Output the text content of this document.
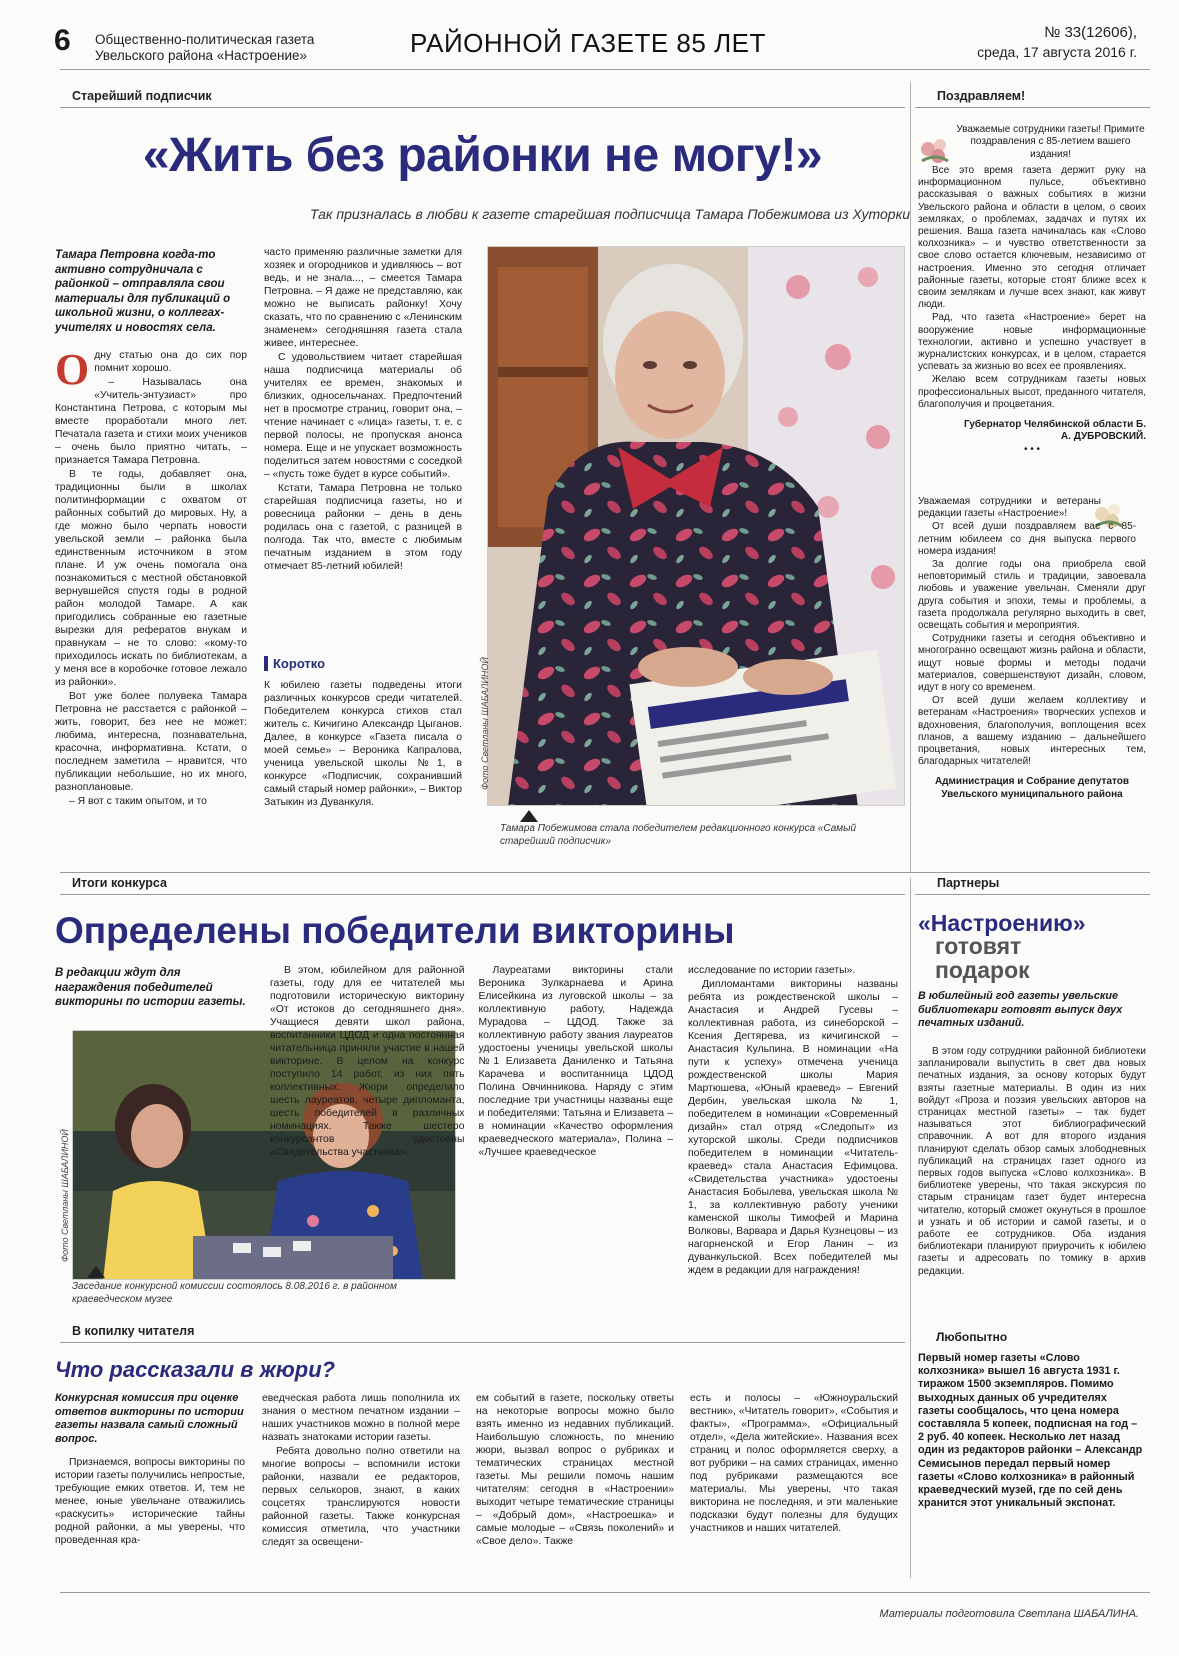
6 Общественно-политическая газета
Увельского района «Настроение»	РАЙОННОЙ ГАЗЕТЕ 85 ЛЕТ	№ 33(12606),
среда, 17 августа 2016 г.
Старейший подписчик
«Жить без районки не могу!»
Так призналась в любви к газете старейшая подписчица Тамара Побежимова из Хуторки

Тамара Петровна когда-то активно сотрудничала с районкой – отправляла свои материалы для публикаций о школьной жизни, о коллегах-учителях и новостях села.

О дну статью она до сих пор помнит хорошо.

– Называлась она «Учитель-энтузиаст» про Константина Петрова, с которым мы вместе проработали много лет. Печатала газета и стихи моих учеников – очень было приятно читать, – признается Тамара Петровна.

В те годы, добавляет она, традиционны были в школах политинформации с охватом от районных событий до мировых. Ну, а где можно было черпать новости увельской земли – районка была единственным источником в этом плане. И уж очень помогала она познакомиться с местной обстановкой вернувшейся спустя годы в родной район молодой Тамаре. А как пригодились собранные ею газетные вырезки для рефератов внукам и правнукам – не то слово: «кому-то приходилось искать по библиотекам, а у меня все в коробочке готовое лежало из районки».

Вот уже более полувека Тамара Петровна не расстается с районкой – жить, говорит, без нее не может: любима, интересна, познавательна, красочна, информативна. Кстати, о последнем заметила – нравится, что публикации небольшие, но их много, разноплановые.

– Я вот с таким опытом, и то

часто применяю различные заметки для хозяек и огородников и удивляюсь – вот ведь, и не знала..., – смеется Тамара Петровна. – Я даже не представляю, как можно не выписать районку! Хочу сказать, что по сравнению с «Ленинским знаменем» сегодняшняя газета стала живее, интереснее.

С удовольствием читает старейшая наша подписчица материалы об учителях ее времен, знакомых и близких, односельчанах. Предпочтений нет в просмотре страниц, говорит она, – чтение начинает с «лица» газеты, т. е. с первой полосы, не пропуская анонса номера. Еще и не упускает возможность поделиться затем новостями с соседкой – «пусть тоже будет в курсе событий».

Кстати, Тамара Петровна не только старейшая подписчица газеты, но и ровесница районки – день в день родилась она с газетой, с разницей в полгода. Так что, вместе с любимым печатным изданием в этом году отмечает 85-летний юбилей!

Коротко

К юбилею газеты подведены итоги различных конкурсов среди читателей. Победителем конкурса стихов стал житель с. Кичигино Александр Цыганов. Далее, в конкурсе «Газета писала о моей семье» – Вероника Капралова, ученица увельской школы №1, в конкурсе «Подписчик, сохранивший самый старый номер районки», – Виктор Затыкин из Дуванкуля.

Фото Светланы ШАБАЛИНОЙ
Тамара Побежимова стала победителем редакционного конкурса «Самый старейший подписчик»
Поздравляем!

Уважаемые сотрудники газеты! Примите поздравления с 85-летием вашего издания!

Все это время газета держит руку на информационном пульсе, объективно рассказывая о важных событиях в жизни Увельского района и области в целом, о своих земляках, о проблемах, задачах и путях их решения. Ваша газета начиналась как «Слово колхозника» – и чувство ответственности за свое слово остается ключевым, независимо от настроения. Именно это сегодня отличает районные газеты, которые стоят ближе всех к своим землякам и лучше всех знают, как живут люди.

Рад, что газета «Настроение» берет на вооружение новые информационные технологии, активно и успешно участвует в журналистских конкурсах, и в целом, старается успевать за жизнью во всех ее проявлениях.

Желаю всем сотрудникам газеты новых профессиональных высот, преданного читателя, благополучия и процветания.

Губернатор Челябинской области Б. А. ДУБРОВСКИЙ.

• • •

Уважаемая сотрудники и ветераны редакции газеты «Настроение»!

От всей души поздравляем вас с 85-летним юбилеем со дня выпуска первого номера издания!

За долгие годы она приобрела свой неповторимый стиль и традиции, завоевала любовь и уважение увельчан. Сменяли друг друга события и эпохи, темы и проблемы, а газета продолжала регулярно выходить в свет, освещать события и мероприятия.

Сотрудники газеты и сегодня объективно и многогранно освещают жизнь района и области, ищут новые формы и методы подачи материалов, совершенствуют дизайн, словом, идут в ногу со временем.

От всей души желаем коллективу и ветеранам «Настроения» творческих успехов и вдохновения, благополучия, воплощения всех планов, а вашему изданию – дальнейшего процветания, новых интересных тем, благодарных читателей!

Администрация и Собрание депутатов Увельского муниципального района

Итоги конкурса
Определены победители викторины

В редакции ждут для награждения победителей викторины по истории газеты.

Фото Светланы ШАБАЛИНОЙ
Заседание конкурсной комиссии состоялось 8.08.2016 г. в районном краеведческом музее

В этом, юбилейном для районной газеты, году для ее читателей мы подготовили историческую викторину «От истоков до сегодняшнего дня». Учащиеся девяти школ района, воспитанники ЦДОД и одна постоянная читательница приняли участие в нашей викторине. В целом на конкурс поступило 14 работ, из них пять коллективных. Жюри определило шесть лауреатов, четыре дипломанта, шесть победителей в различных номинациях. Также шестеро конкурсантов удостоены «Свидетельства участника».

Лауреатами викторины стали Вероника Зулкарнаева и Арина Елисейкина из луговской школы – за коллективную работу, Надежда Мурадова – ЦДОД. Также за коллективную работу звания лауреатов удостоены ученицы увельской школы №1 Елизавета Даниленко и Татьяна Карачева и воспитанница ЦДОД Полина Овчинникова. Наряду с этим последние три участницы названы еще и победителями: Татьяна и Елизавета – в номинации «Качество оформления краеведческого материала», Полина – «Лучшее краеведческое

исследование по истории газеты».

Дипломантами викторины названы ребята из рождественской школы – Анастасия и Андрей Гусевы – коллективная работа, из синеборской – Ксения Дегтярева, из кичигинской – Анастасия Кульпина. В номинации «На пути к успеху» отмечена ученица рождественской школы Мария Мартюшева, «Юный краевед» – Евгений Дербин, увельская школа № 1, победителем в номинации «Современный дизайн» стал отряд «Следопыт» из хуторской школы. Среди подписчиков победителем в номинации «Читатель-краевед» стала Анастасия Ефимцова. «Свидетельства участника» удостоены Анастасия Бобылева, увельская школа № 1, за коллективную работу ученики каменской школы Тимофей и Марина Волковы, Варвара и Дарья Кузнецовы – из нагорненской и Егор Ланин – из дуванкульской. Всех победителей мы ждем в редакции для награждения!

Партнеры
«Настроению»
готовят подарок

В юбилейный год газеты увельские библиотекари готовят выпуск двух печатных изданий.

В этом году сотрудники районной библиотеки запланировали выпустить в свет два новых печатных издания, за основу которых будут взяты газетные материалы. В один из них войдут «Проза и поэзия увельских авторов на страницах местной газеты» – так будет называться этот библиографический справочник. А вот для второго издания планируют сделать обзор самых злободневных публикаций на страницах газет одного из первых годов выпуска «Слово колхозника». В библиотеке уверены, что такая экскурсия по старым страницам газет будет интересна читателю, который сможет окунуться в прошлое и узнать и об истории и самой газеты, и о работе ее сотрудников. Оба издания библиотекари планируют приурочить к юбилею газеты и адресовать по томику в архив редакции.

Любопытно

Первый номер газеты «Слово колхозника» вышел 16 августа 1931 г. тиражом 1500 экземпляров. Помимо выходных данных об учредителях газеты сообщалось, что цена номера составляла 5 копеек, подписная на год – 2 руб. 40 копеек. Несколько лет назад один из редакторов районки – Александр Семисынов передал первый номер газеты «Слово колхозника» в районный краеведческий музей, где по сей день хранится этот уникальный экспонат.

В копилку читателя
Что рассказали в жюри?

Конкурсная комиссия при оценке ответов викторины по истории газеты назвала самый сложный вопрос.

Признаемся, вопросы викторины по истории газеты получились непростые, требующие емких ответов. И, тем не менее, юные увельчане отважились «раскусить» исторические тайны родной районки, а мы уверены, что проведенная кра-

еведческая работа лишь пополнила их знания о местном печатном издании – наших участников можно в полной мере назвать знатоками истории газеты.

Ребята довольно полно ответили на многие вопросы – вспомнили истоки районки, назвали ее редакторов, первых селькоров, знают, в каких соцсетях транслируются новости районной газеты. Также конкурсная комиссия отметила, что участники следят за освещени-

ем событий в газете, поскольку ответы на некоторые вопросы можно было взять именно из недавних публикаций. Наибольшую сложность, по мнению жюри, вызвал вопрос о рубриках и тематических страницах местной газеты. Мы решили помочь нашим читателям: сегодня в «Настроении» выходит четыре тематические страницы – «Добрый дом», «Настроешка» и самые молодые – «Связь поколений» и «Свое дело». Также

есть и полосы – «Южноуральский вестник», «Читатель говорит», «События и факты», «Программа», «Официальный отдел», «Дела житейские». Названия всех страниц и полос оформляется сверху, а вот рубрики – на самих страницах, именно под рубриками размещаются все материалы. Мы уверены, что такая викторина не последняя, и эти маленькие подсказки будут полезны для будущих участников и наших читателей.

Материалы подготовила Светлана ШАБАЛИНА.
